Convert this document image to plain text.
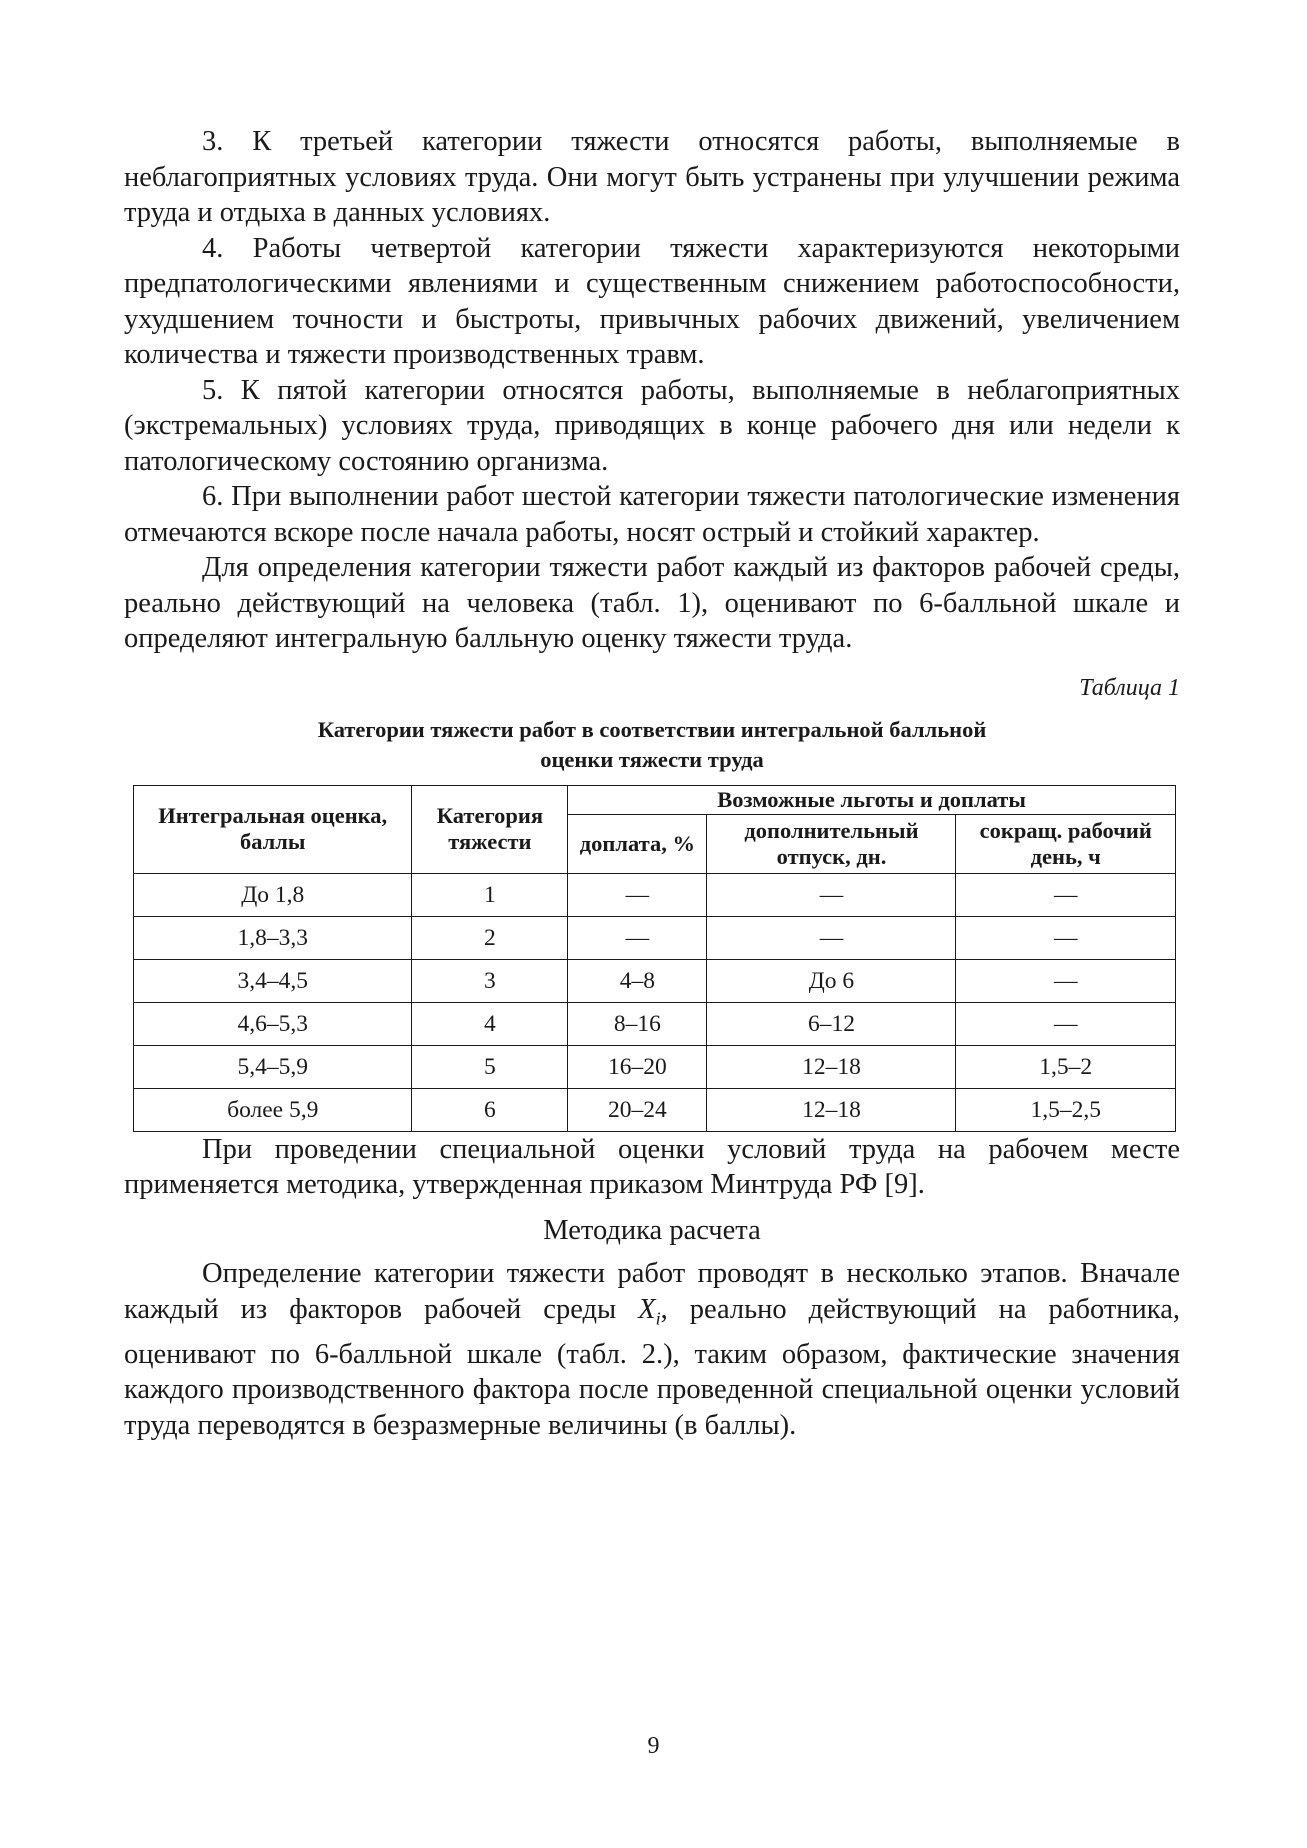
3. К третьей категории тяжести относятся работы, выполняемые в неблагоприятных условиях труда. Они могут быть устранены при улучшении режима труда и отдыха в данных условиях.

4. Работы четвертой категории тяжести характеризуются некоторыми предпатологическими явлениями и существенным снижением работоспособности, ухудшением точности и быстроты, привычных рабочих движений, увеличением количества и тяжести производственных травм.

5. К пятой категории относятся работы, выполняемые в неблагоприятных (экстремальных) условиях труда, приводящих в конце рабочего дня или недели к патологическому состоянию организма.

6. При выполнении работ шестой категории тяжести патологические изменения отмечаются вскоре после начала работы, носят острый и стойкий характер.

Для определения категории тяжести работ каждый из факторов рабочей среды, реально действующий на человека (табл. 1), оценивают по 6-балльной шкале и определяют интегральную балльную оценку тяжести труда.

Таблица 1
Категории тяжести работ в соответствии интегральной балльной
оценки тяжести труда
Интегральная оценка, баллы	Категория тяжести	Возможные льготы и доплаты		
		доплата, %	дополнительный отпуск, дн.	сокращ. рабочий день, ч
До 1,8	1	—	—	—
1,8–3,3	2	—	—	—
3,4–4,5	3	4–8	До 6	—
4,6–5,3	4	8–16	6–12	—
5,4–5,9	5	16–20	12–18	1,5–2
более 5,9	6	20–24	12–18	1,5–2,5

При проведении специальной оценки условий труда на рабочем месте применяется методика, утвержденная приказом Минтруда РФ [9].

Методика расчета

Определение категории тяжести работ проводят в несколько этапов. Вначале каждый из факторов рабочей среды $X_i$, реально действующий на работника, оценивают по 6-балльной шкале (табл. 2.), таким образом, фактические значения каждого производственного фактора после проведенной специальной оценки условий труда переводятся в безразмерные величины (в баллы).

9
